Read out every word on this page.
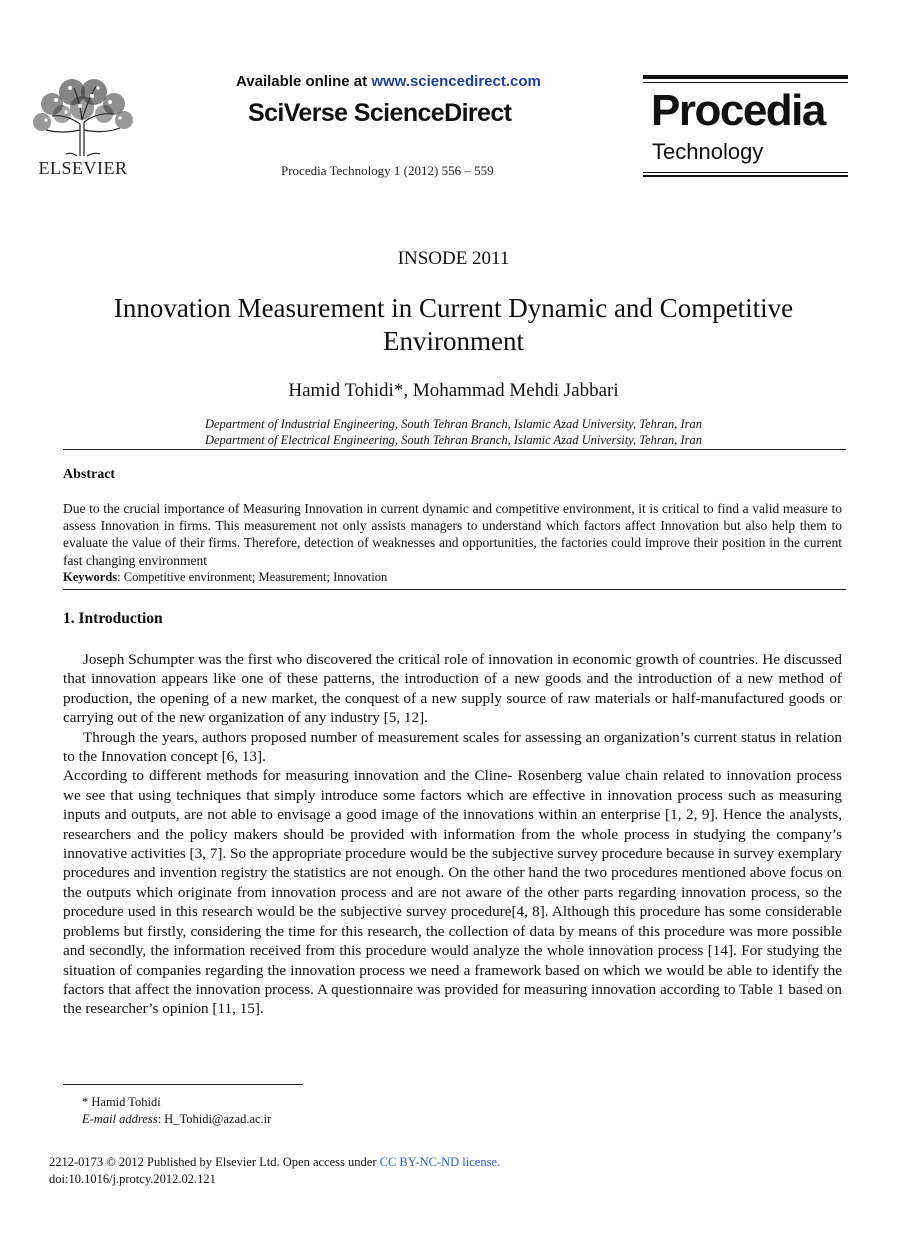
ELSEVIER
Available online at www.sciencedirect.com
SciVerse ScienceDirect
Procedia Technology 1 (2012) 556 – 559
Procedia
Technology
INSODE 2011
Innovation Measurement in Current Dynamic and Competitive Environment
Hamid Tohidi*, Mohammad Mehdi Jabbari
Department of Industrial Engineering, South Tehran Branch, Islamic Azad University, Tehran, Iran
Department of Electrical Engineering, South Tehran Branch, Islamic Azad University, Tehran, Iran
Abstract
Due to the crucial importance of Measuring Innovation in current dynamic and competitive environment, it is critical to find a valid measure to assess Innovation in firms. This measurement not only assists managers to understand which factors affect Innovation but also help them to evaluate the value of their firms. Therefore, detection of weaknesses and opportunities, the factories could improve their position in the current fast changing environment
Keywords: Competitive environment; Measurement; Innovation
1. Introduction

Joseph Schumpter was the first who discovered the critical role of innovation in economic growth of countries. He discussed that innovation appears like one of these patterns, the introduction of a new goods and the introduction of a new method of production, the opening of a new market, the conquest of a new supply source of raw materials or half-manufactured goods or carrying out of the new organization of any industry [5, 12].

Through the years, authors proposed number of measurement scales for assessing an organization’s current status in relation to the Innovation concept [6, 13].

According to different methods for measuring innovation and the Cline- Rosenberg value chain related to innovation process we see that using techniques that simply introduce some factors which are effective in innovation process such as measuring inputs and outputs, are not able to envisage a good image of the innovations within an enterprise [1, 2, 9]. Hence the analysts, researchers and the policy makers should be provided with information from the whole process in studying the company’s innovative activities [3, 7]. So the appropriate procedure would be the subjective survey procedure because in survey exemplary procedures and invention registry the statistics are not enough. On the other hand the two procedures mentioned above focus on the outputs which originate from innovation process and are not aware of the other parts regarding innovation process, so the procedure used in this research would be the subjective survey procedure[4, 8]. Although this procedure has some considerable problems but firstly, considering the time for this research, the collection of data by means of this procedure was more possible and secondly, the information received from this procedure would analyze the whole innovation process [14]. For studying the situation of companies regarding the innovation process we need a framework based on which we would be able to identify the factors that affect the innovation process. A questionnaire was provided for measuring innovation according to Table 1 based on the researcher’s opinion [11, 15].

* Hamid Tohidi
E-mail address: H_Tohidi@azad.ac.ir
2212-0173 © 2012 Published by Elsevier Ltd. Open access under CC BY-NC-ND license.
doi:10.1016/j.protcy.2012.02.121
